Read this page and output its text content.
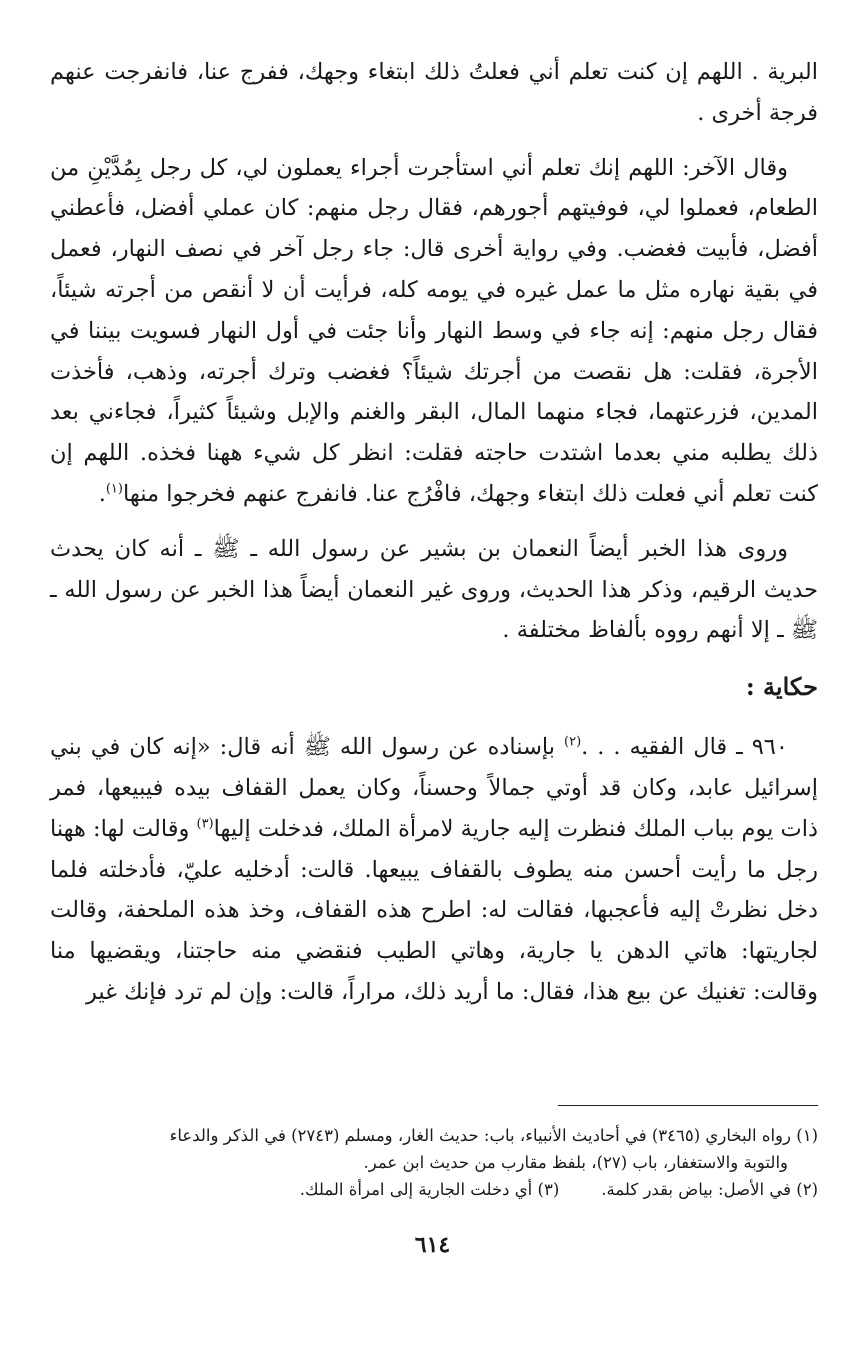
البرية . اللهم إن كنت تعلم أني فعلتُ ذلك ابتغاء وجهك، ففرج عنا، فانفرجت عنهم فرجة أخرى .

وقال الآخر: اللهم إنك تعلم أني استأجرت أجراء يعملون لي، كل رجل بِمُدَّيْنِ من الطعام، فعملوا لي، فوفيتهم أجورهم، فقال رجل منهم: كان عملي أفضل، فأعطني أفضل، فأبيت فغضب. وفي رواية أخرى قال: جاء رجل آخر في نصف النهار، فعمل في بقية نهاره مثل ما عمل غيره في يومه كله، فرأيت أن لا أنقص من أجرته شيئاً، فقال رجل منهم: إنه جاء في وسط النهار وأنا جئت في أول النهار فسويت بيننا في الأجرة، فقلت: هل نقصت من أجرتك شيئاً؟ فغضب وترك أجرته، وذهب، فأخذت المدين، فزرعتهما، فجاء منهما المال، البقر والغنم والإبل وشيئاً كثيراً، فجاءني بعد ذلك يطلبه مني بعدما اشتدت حاجته فقلت: انظر كل شيء ههنا فخذه. اللهم إن كنت تعلم أني فعلت ذلك ابتغاء وجهك، فافْرُج عنا. فانفرج عنهم فخرجوا منها$^{(١)}$.

وروى هذا الخبر أيضاً النعمان بن بشير عن رسول الله ـ ﷺ ـ أنه كان يحدث حديث الرقيم، وذكر هذا الحديث، وروى غير النعمان أيضاً هذا الخبر عن رسول الله ـ ﷺ ـ إلا أنهم رووه بألفاظ مختلفة .

حكاية :

٩٦٠ ـ قال الفقيه . . .$^{(٢)}$ بإسناده عن رسول الله ﷺ أنه قال: «إنه كان في بني إسرائيل عابد، وكان قد أوتي جمالاً وحسناً، وكان يعمل القفاف بيده فيبيعها، فمر ذات يوم بباب الملك فنظرت إليه جارية لامرأة الملك، فدخلت إليها$^{(٣)}$ وقالت لها: ههنا رجل ما رأيت أحسن منه يطوف بالقفاف يبيعها. قالت: أدخليه عليّ، فأدخلته فلما دخل نظرتْ إليه فأعجبها، فقالت له: اطرح هذه القفاف، وخذ هذه الملحفة، وقالت لجاريتها: هاتي الدهن يا جارية، وهاتي الطيب فنقضي منه حاجتنا، ويقضيها منا وقالت: تغنيك عن بيع هذا، فقال: ما أريد ذلك، مراراً، قالت: وإن لم ترد فإنك غير

(١) رواه البخاري (٣٤٦٥) في أحاديث الأنبياء، باب: حديث الغار، ومسلم (٢٧٤٣) في الذكر والدعاء

والتوبة والاستغفار، باب (٢٧)، بلفظ مقارب من حديث ابن عمر.

(٢) في الأصل: بياض بقدر كلمة.
(٣) أي دخلت الجارية إلى امرأة الملك.
٦١٤
